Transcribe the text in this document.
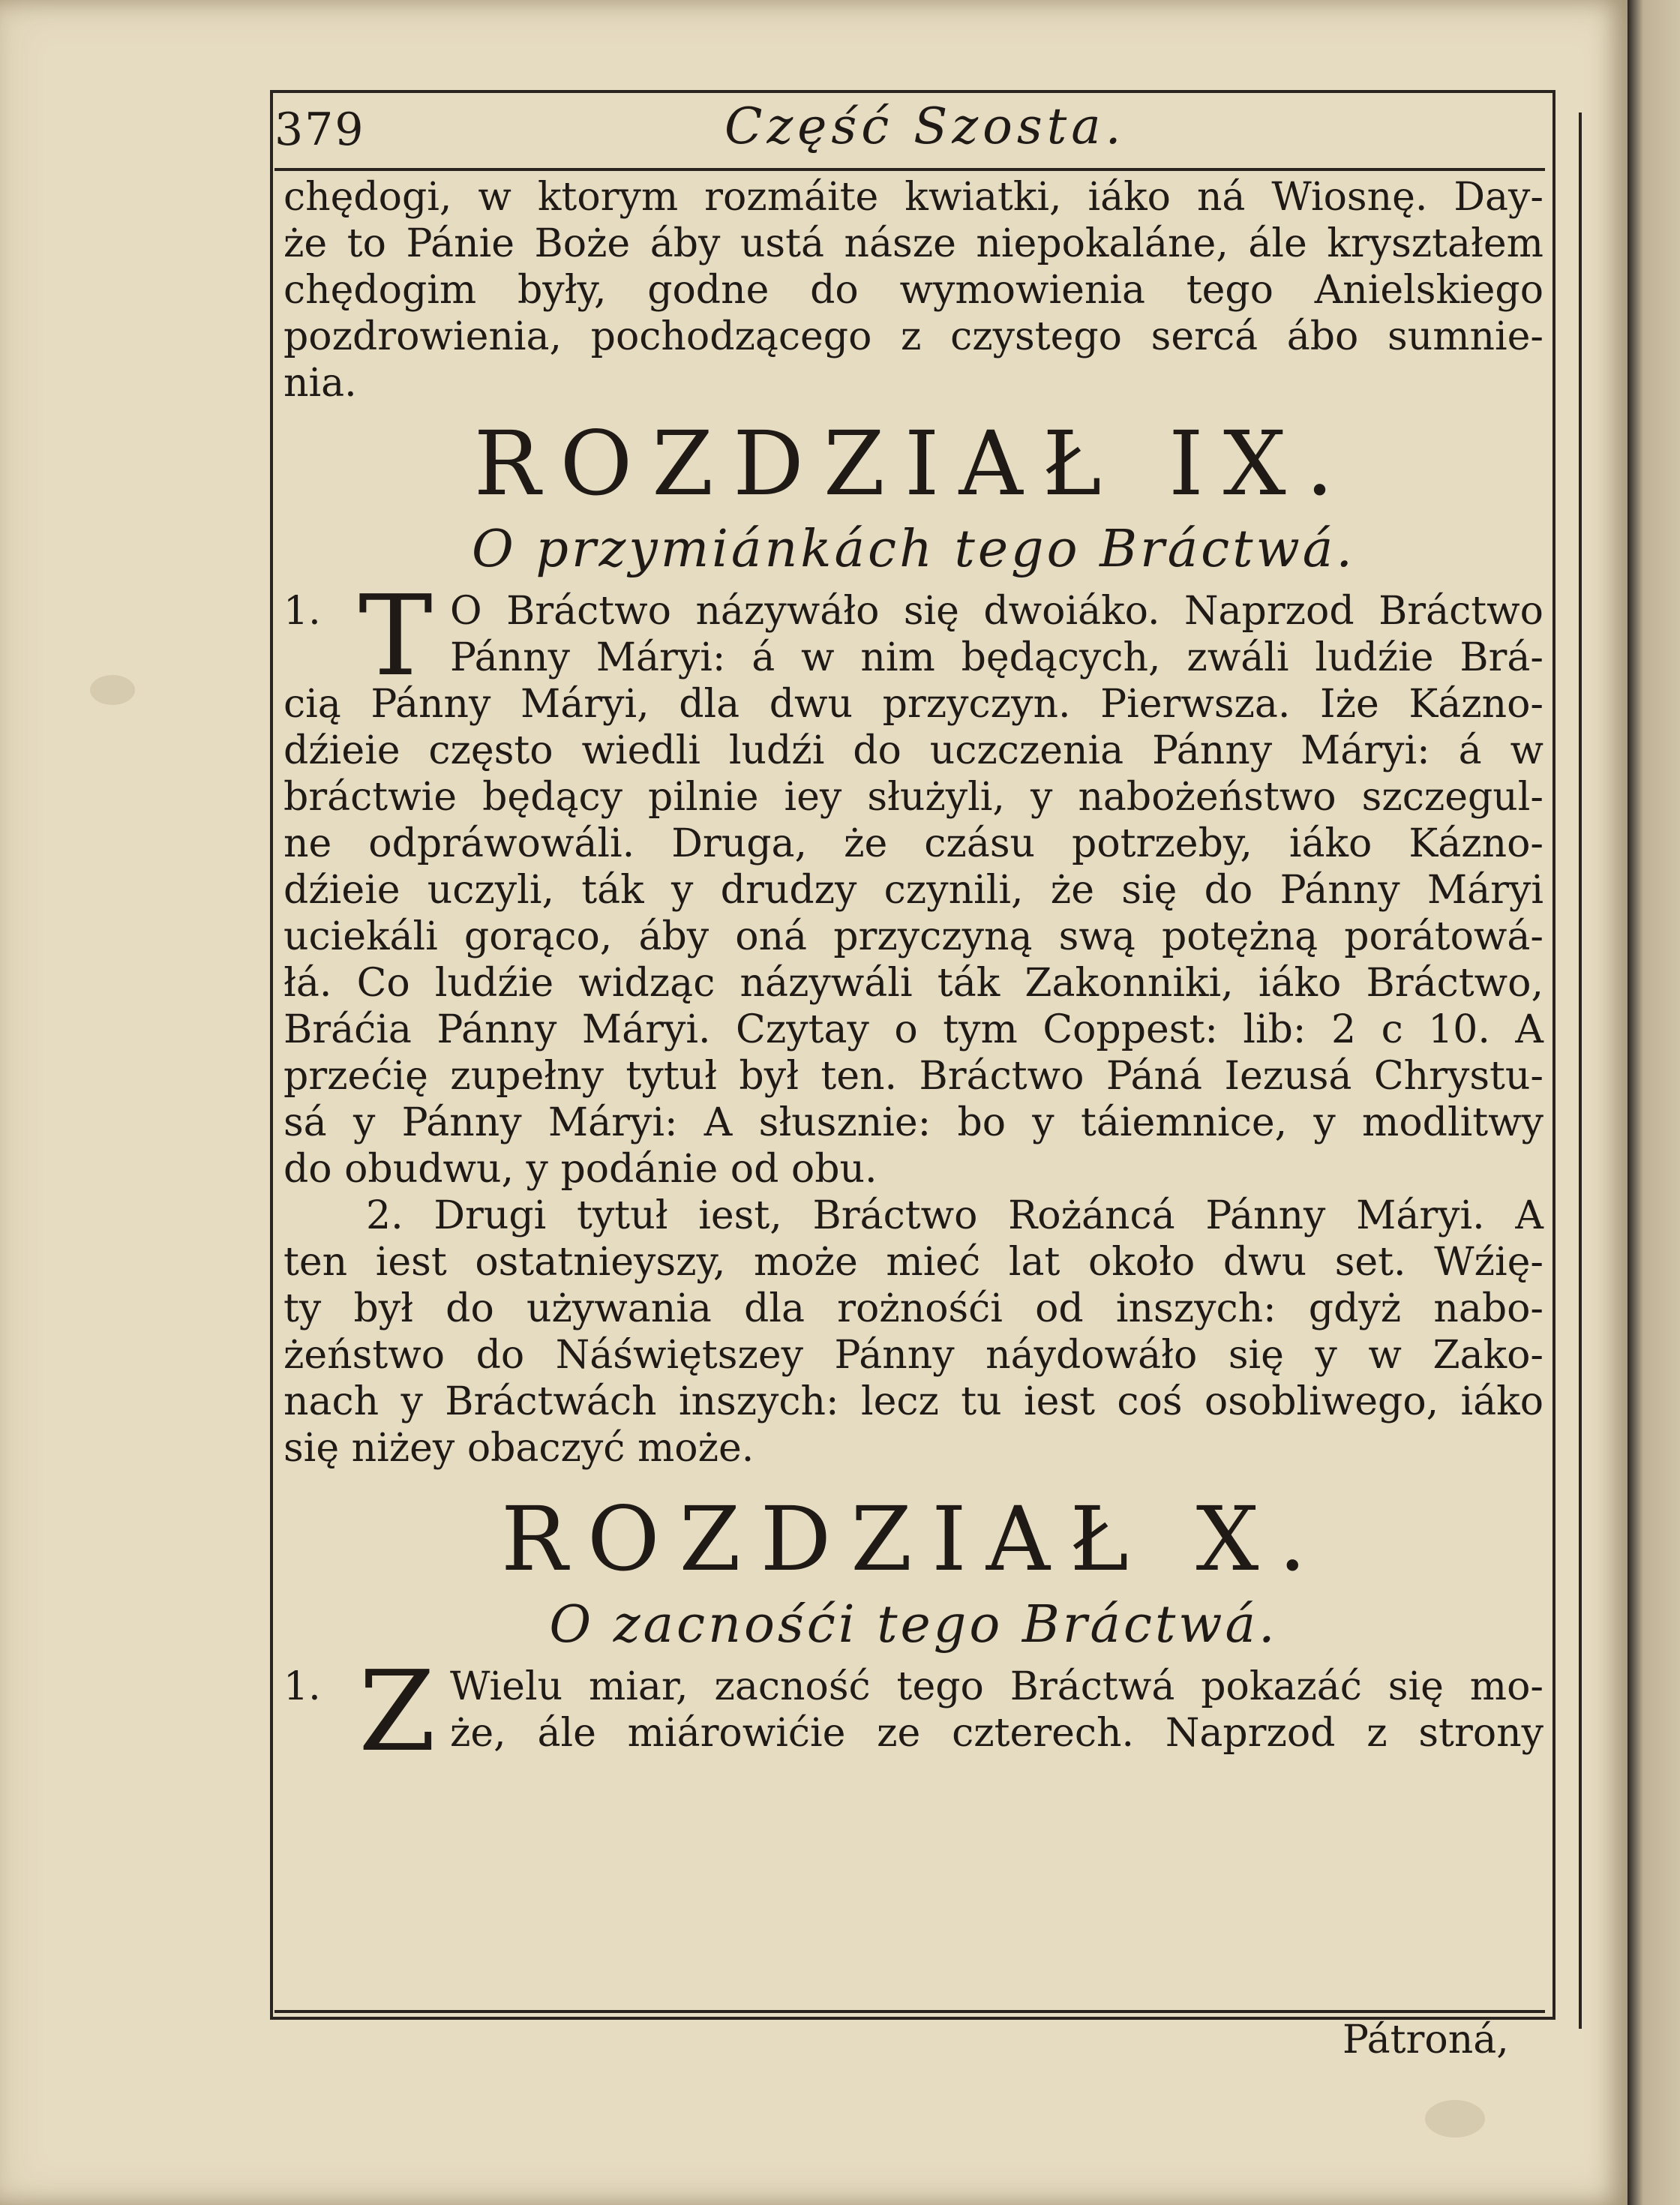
379	Część Szosta.
chędogi, w ktorym rozmáite kwiatki, iáko ná Wiosnę. Day-
że to Pánie Boże áby ustá násze niepokaláne, ále kryształem
chędogim były, godne do wymowienia tego Anielskiego
pozdrowienia, pochodzącego z czystego sercá ábo sumnie-
nia.
ROZDZIAŁ IX.
O przymiánkách tego Bráctwá.
1. T O Bráctwo názywáło się dwoiáko. Naprzod Bráctwo
Pánny Máryi: á w nim będących, zwáli ludźie Brá-
cią Pánny Máryi, dla dwu przyczyn. Pierwsza. Iże Kázno-
dźieie często wiedli ludźi do uczczenia Pánny Máryi: á w
bráctwie będący pilnie iey służyli, y nabożeństwo szczegul-
ne odpráwowáli. Druga, że czásu potrzeby, iáko Kázno-
dźieie uczyli, ták y drudzy czynili, że się do Pánny Máryi
uciekáli gorąco, áby oná przyczyną swą potężną porátowá-
łá. Co ludźie widząc názywáli ták Zakonniki, iáko Bráctwo,
Bráćia Pánny Máryi. Czytay o tym Coppest: lib: 2 c 10. A
przećię zupełny tytuł był ten. Bráctwo Páná Iezusá Chrystu-
sá y Pánny Máryi: A słusznie: bo y táiemnice, y modlitwy
do obudwu, y podánie od obu.
2. Drugi tytuł iest, Bráctwo Rożáncá Pánny Máryi. A
ten iest ostatnieyszy, może mieć lat około dwu set. Wźię-
ty był do używania dla rożnośći od inszych: gdyż nabo-
żeństwo do Náświętszey Pánny náydowáło się y w Zako-
nach y Bráctwách inszych: lecz tu iest coś osobliwego, iáko
się niżey obaczyć może.
ROZDZIAŁ X.
O zacnośći tego Bráctwá.
1. Z Wielu miar, zacność tego Bráctwá pokazáć się mo-
że, ále miárowićie ze czterech. Naprzod z strony
Pátroná,
